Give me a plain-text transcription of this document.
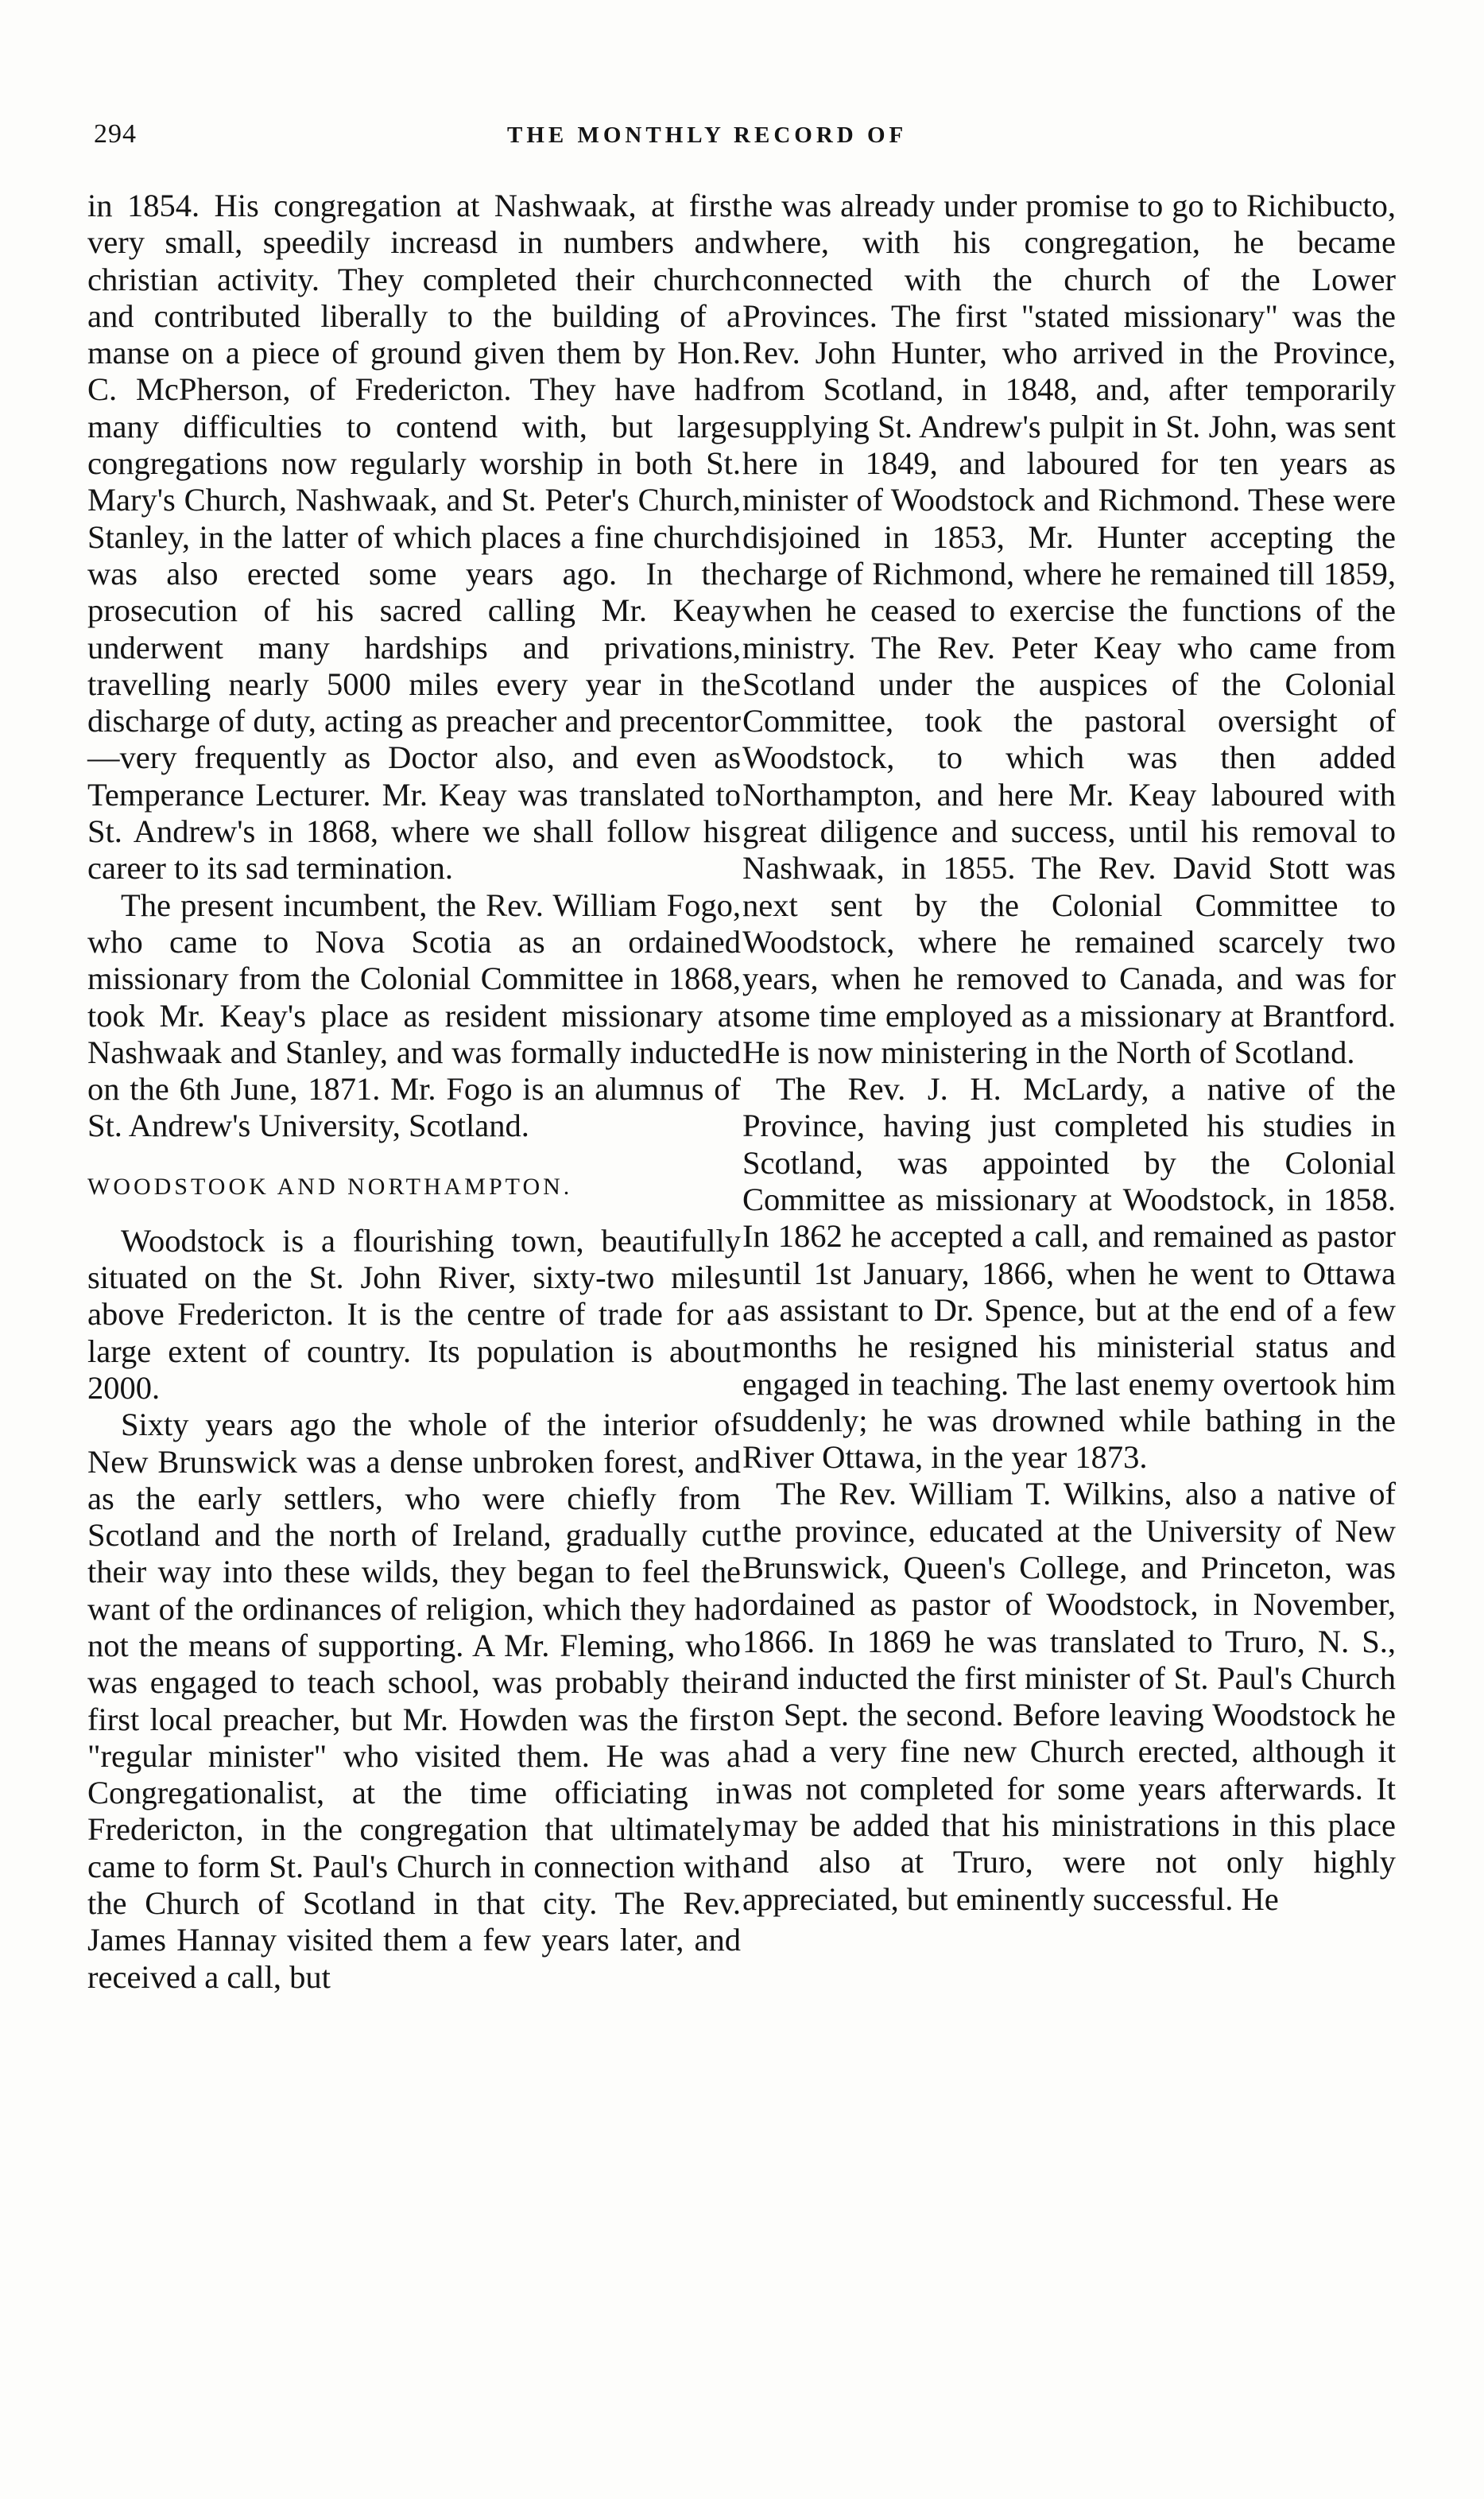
294	THE MONTHLY RECORD OF

in 1854. His congregation at Nashwaak, at first very small, speedily increasd in numbers and christian activity. They completed their church and contributed liberally to the building of a manse on a piece of ground given them by Hon. C. McPherson, of Fredericton. They have had many difficulties to contend with, but large congregations now regularly worship in both St. Mary's Church, Nashwaak, and St. Peter's Church, Stanley, in the latter of which places a fine church was also erected some years ago. In the prosecution of his sacred calling Mr. Keay underwent many hardships and privations, travelling nearly 5000 miles every year in the discharge of duty, acting as preacher and precentor —very frequently as Doctor also, and even as Temperance Lecturer. Mr. Keay was translated to St. Andrew's in 1868, where we shall follow his career to its sad termination.

The present incumbent, the Rev. William Fogo, who came to Nova Scotia as an ordained missionary from the Colonial Committee in 1868, took Mr. Keay's place as resident missionary at Nashwaak and Stanley, and was formally inducted on the 6th June, 1871. Mr. Fogo is an alumnus of St. Andrew's University, Scotland.

WOODSTOOK AND NORTHAMPTON.

Woodstock is a flourishing town, beautifully situated on the St. John River, sixty-two miles above Fredericton. It is the centre of trade for a large extent of country. Its population is about 2000.

Sixty years ago the whole of the interior of New Brunswick was a dense unbroken forest, and as the early settlers, who were chiefly from Scotland and the north of Ireland, gradually cut their way into these wilds, they began to feel the want of the ordinances of religion, which they had not the means of supporting. A Mr. Fleming, who was engaged to teach school, was probably their first local preacher, but Mr. Howden was the first "regular minister" who visited them. He was a Congregationalist, at the time officiating in Fredericton, in the congregation that ultimately came to form St. Paul's Church in connection with the Church of Scotland in that city. The Rev. James Hannay visited them a few years later, and received a call, but

he was already under promise to go to Richibucto, where, with his congregation, he became connected with the church of the Lower Provinces. The first "stated missionary" was the Rev. John Hunter, who arrived in the Province, from Scotland, in 1848, and, after temporarily supplying St. Andrew's pulpit in St. John, was sent here in 1849, and laboured for ten years as minister of Woodstock and Richmond. These were disjoined in 1853, Mr. Hunter accepting the charge of Richmond, where he remained till 1859, when he ceased to exercise the functions of the ministry. The Rev. Peter Keay who came from Scotland under the auspices of the Colonial Committee, took the pastoral oversight of Woodstock, to which was then added Northampton, and here Mr. Keay laboured with great diligence and success, until his removal to Nashwaak, in 1855. The Rev. David Stott was next sent by the Colonial Committee to Woodstock, where he remained scarcely two years, when he removed to Canada, and was for some time employed as a missionary at Brantford. He is now ministering in the North of Scotland.

The Rev. J. H. McLardy, a native of the Province, having just completed his studies in Scotland, was appointed by the Colonial Committee as missionary at Woodstock, in 1858. In 1862 he accepted a call, and remained as pastor until 1st January, 1866, when he went to Ottawa as assistant to Dr. Spence, but at the end of a few months he resigned his ministerial status and engaged in teaching. The last enemy overtook him suddenly; he was drowned while bathing in the River Ottawa, in the year 1873.

The Rev. William T. Wilkins, also a native of the province, educated at the University of New Brunswick, Queen's College, and Princeton, was ordained as pastor of Woodstock, in November, 1866. In 1869 he was translated to Truro, N. S., and inducted the first minister of St. Paul's Church on Sept. the second. Before leaving Woodstock he had a very fine new Church erected, although it was not completed for some years afterwards. It may be added that his ministrations in this place and also at Truro, were not only highly appreciated, but eminently successful. He
